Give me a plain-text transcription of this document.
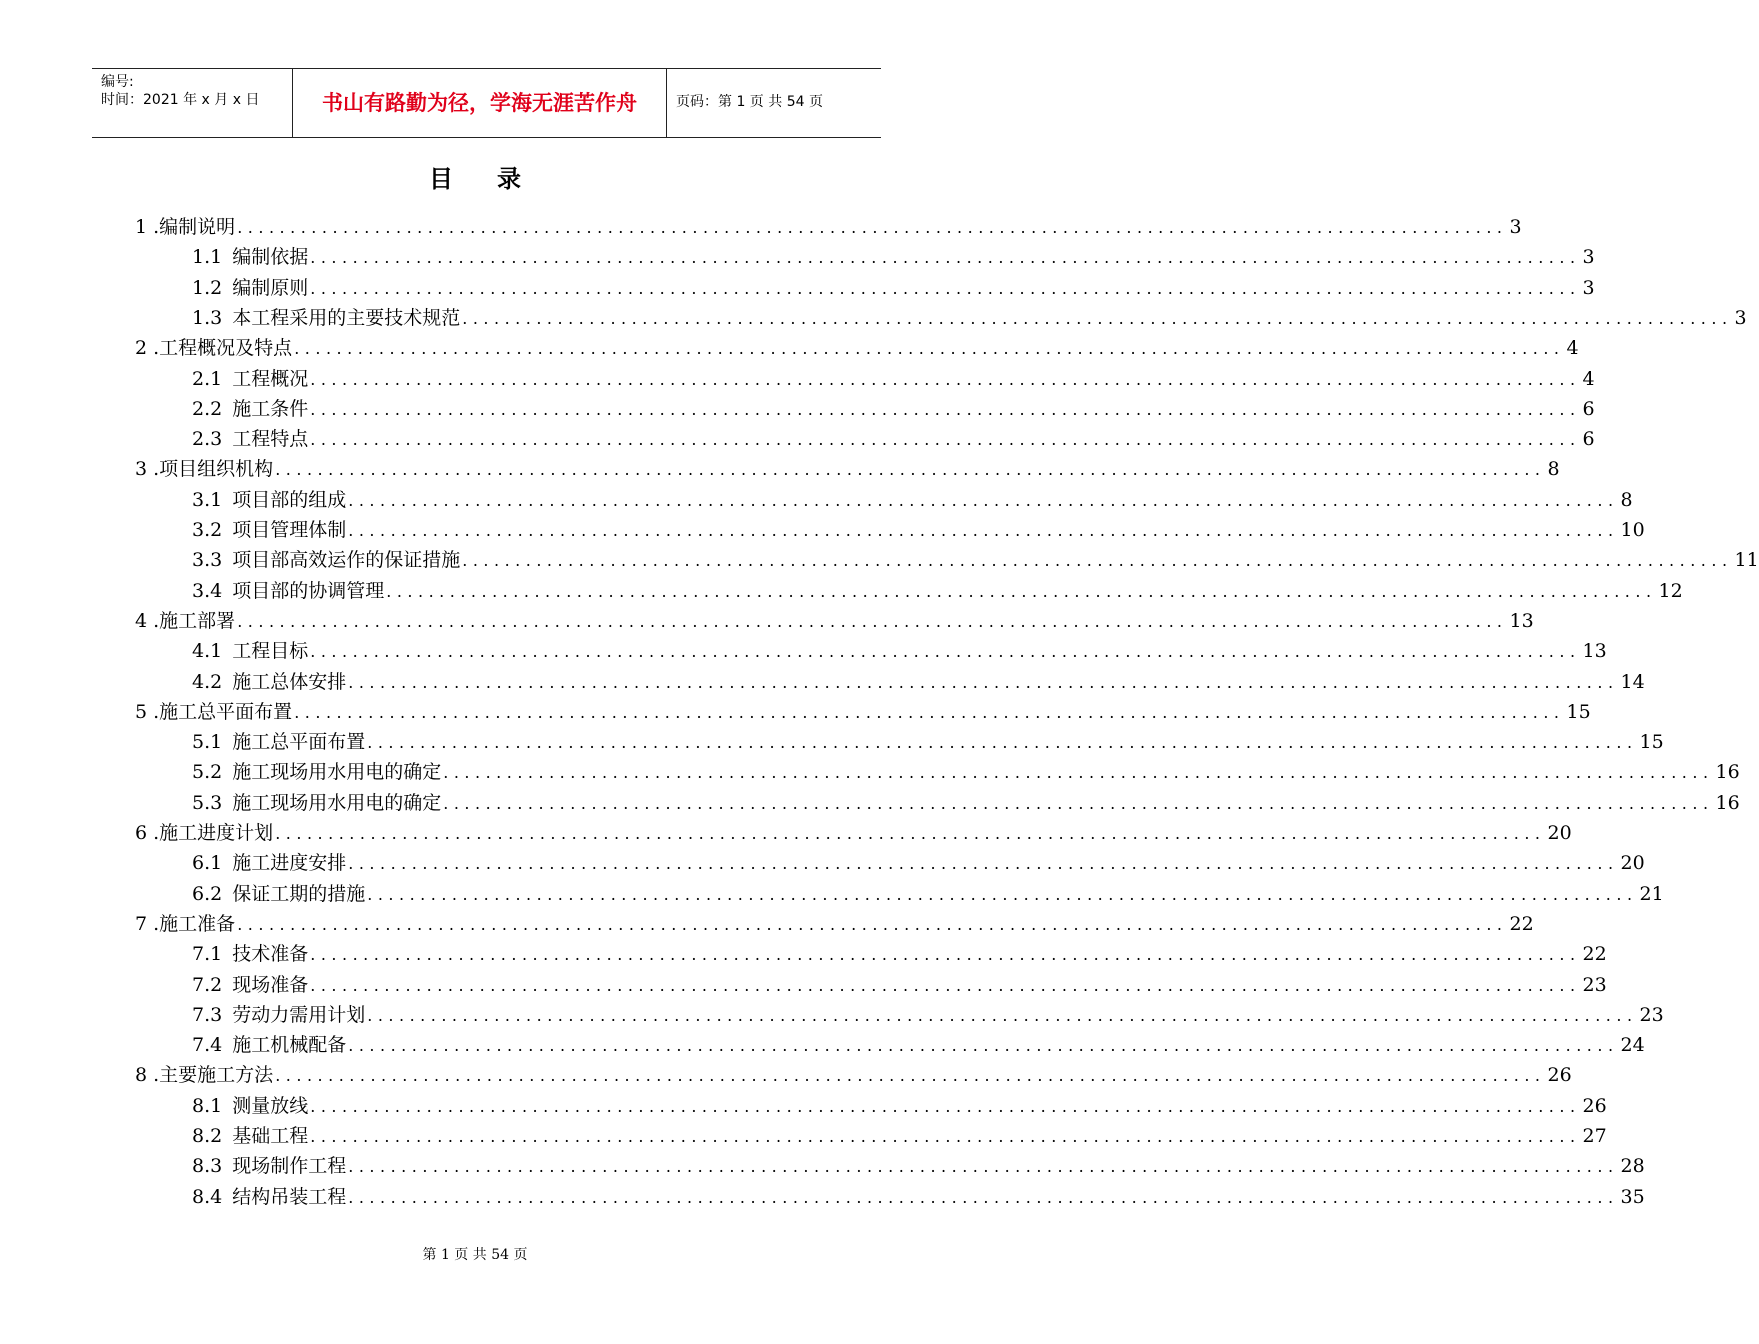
编号:
时间：2021 年 x 月 x 日	书山有路勤为径，学海无涯苦作舟	页码：第 1 页 共 54 页
目录
1 . 编制说明 ........................................................................................................................ 3
1.1 编制依据 ........................................................................................................................ 3
1.2 编制原则 ........................................................................................................................ 3
1.3 本工程采用的主要技术规范 ........................................................................................................................ 3
2 . 工程概况及特点 ........................................................................................................................ 4
2.1 工程概况 ........................................................................................................................ 4
2.2 施工条件 ........................................................................................................................ 6
2.3 工程特点 ........................................................................................................................ 6
3 . 项目组织机构 ........................................................................................................................ 8
3.1 项目部的组成 ........................................................................................................................ 8
3.2 项目管理体制 ........................................................................................................................ 10
3.3 项目部高效运作的保证措施 ........................................................................................................................ 11
3.4 项目部的协调管理 ........................................................................................................................ 12
4 . 施工部署 ........................................................................................................................ 13
4.1 工程目标 ........................................................................................................................ 13
4.2 施工总体安排 ........................................................................................................................ 14
5 . 施工总平面布置 ........................................................................................................................ 15
5.1 施工总平面布置 ........................................................................................................................ 15
5.2 施工现场用水用电的确定 ........................................................................................................................ 16
5.3 施工现场用水用电的确定 ........................................................................................................................ 16
6 . 施工进度计划 ........................................................................................................................ 20
6.1 施工进度安排 ........................................................................................................................ 20
6.2 保证工期的措施 ........................................................................................................................ 21
7 . 施工准备 ........................................................................................................................ 22
7.1 技术准备 ........................................................................................................................ 22
7.2 现场准备 ........................................................................................................................ 23
7.3 劳动力需用计划 ........................................................................................................................ 23
7.4 施工机械配备 ........................................................................................................................ 24
8 . 主要施工方法 ........................................................................................................................ 26
8.1 测量放线 ........................................................................................................................ 26
8.2 基础工程 ........................................................................................................................ 27
8.3 现场制作工程 ........................................................................................................................ 28
8.4 结构吊装工程 ........................................................................................................................ 35
第 1 页 共 54 页
